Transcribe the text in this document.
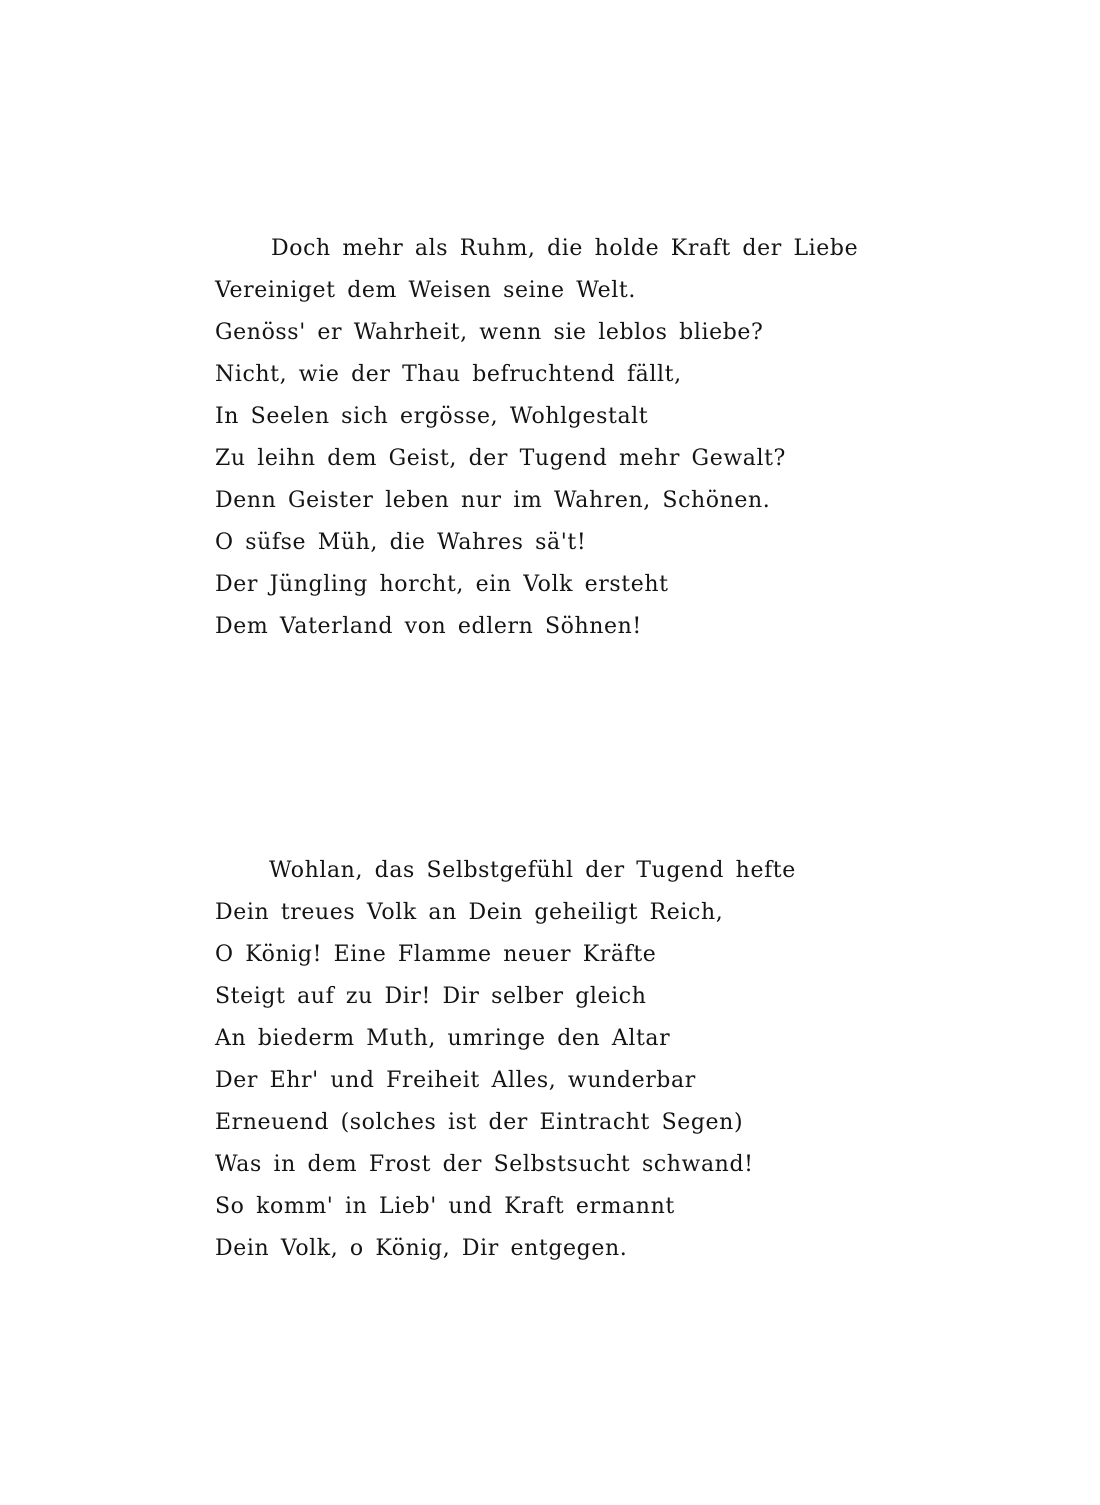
Doch mehr als Ruhm, die holde Kraft der Liebe
Vereiniget dem Weisen seine Welt.
Genöss' er Wahrheit, wenn sie leblos bliebe?
Nicht, wie der Thau befruchtend fällt,
In Seelen sich ergösse, Wohlgestalt
Zu leihn dem Geist, der Tugend mehr Gewalt?
Denn Geister leben nur im Wahren, Schönen.
O süfse Müh, die Wahres sä't!
Der Jüngling horcht, ein Volk ersteht
Dem Vaterland von edlern Söhnen!
Wohlan, das Selbstgefühl der Tugend hefte
Dein treues Volk an Dein geheiligt Reich,
O König! Eine Flamme neuer Kräfte
Steigt auf zu Dir! Dir selber gleich
An biederm Muth, umringe den Altar
Der Ehr' und Freiheit Alles, wunderbar
Erneuend (solches ist der Eintracht Segen)
Was in dem Frost der Selbstsucht schwand!
So komm' in Lieb' und Kraft ermannt
Dein Volk, o König, Dir entgegen.
